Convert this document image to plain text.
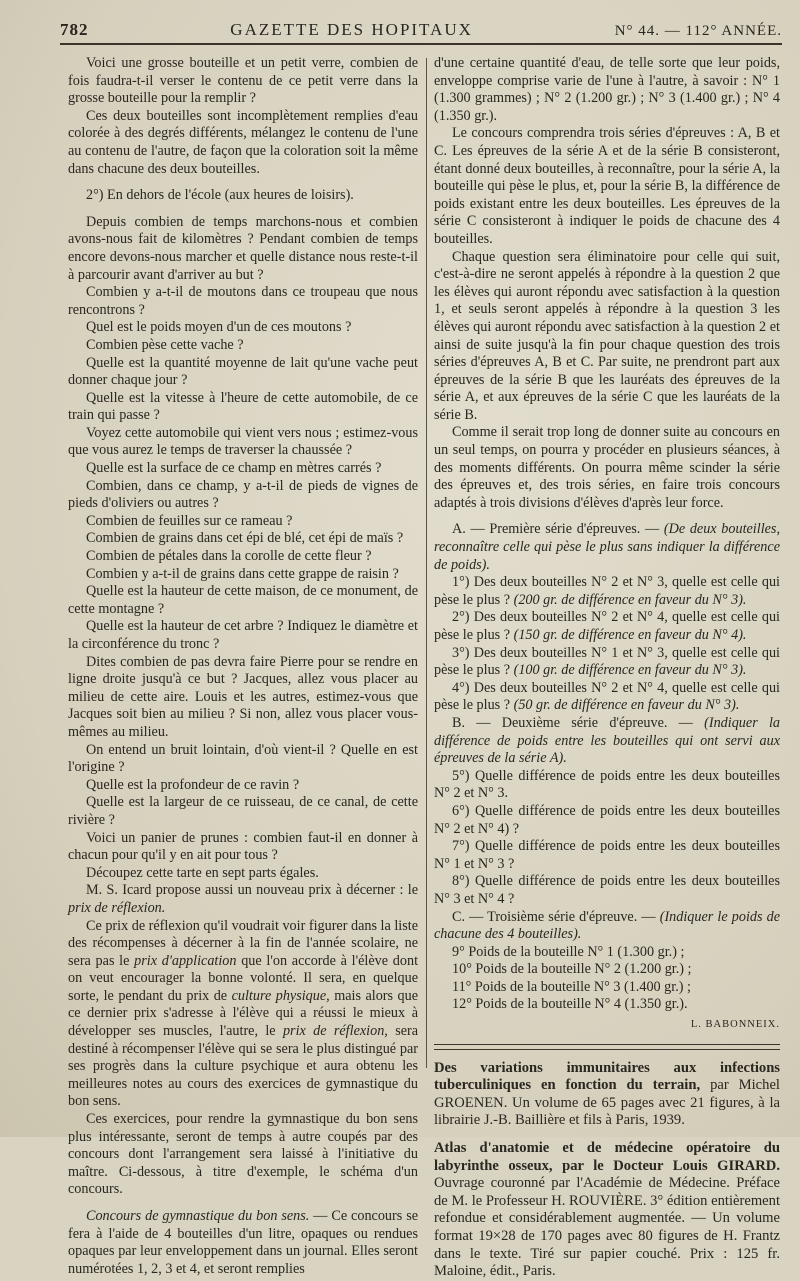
782	GAZETTE DES HOPITAUX	N° 44. — 112° ANNÉE.

Voici une grosse bouteille et un petit verre, combien de fois faudra-t-il verser le contenu de ce petit verre dans la grosse bouteille pour la remplir ?

Ces deux bouteilles sont incomplètement remplies d'eau colorée à des degrés différents, mélangez le contenu de l'une au contenu de l'autre, de façon que la coloration soit la même dans chacune des deux bouteilles.

2°) En dehors de l'école (aux heures de loisirs).

Depuis combien de temps marchons-nous et combien avons-nous fait de kilomètres ? Pendant combien de temps encore devons-nous marcher et quelle distance nous reste-t-il à parcourir avant d'arriver au but ?

Combien y a-t-il de moutons dans ce troupeau que nous rencontrons ?

Quel est le poids moyen d'un de ces moutons ?

Combien pèse cette vache ?

Quelle est la quantité moyenne de lait qu'une vache peut donner chaque jour ?

Quelle est la vitesse à l'heure de cette automobile, de ce train qui passe ?

Voyez cette automobile qui vient vers nous ; estimez-vous que vous aurez le temps de traverser la chaussée ?

Quelle est la surface de ce champ en mètres carrés ?

Combien, dans ce champ, y a-t-il de pieds de vignes de pieds d'oliviers ou autres ?

Combien de feuilles sur ce rameau ?

Combien de grains dans cet épi de blé, cet épi de maïs ?

Combien de pétales dans la corolle de cette fleur ?

Combien y a-t-il de grains dans cette grappe de raisin ?

Quelle est la hauteur de cette maison, de ce monument, de cette montagne ?

Quelle est la hauteur de cet arbre ? Indiquez le diamètre et la circonférence du tronc ?

Dites combien de pas devra faire Pierre pour se rendre en ligne droite jusqu'à ce but ? Jacques, allez vous placer au milieu de cette aire. Louis et les autres, estimez-vous que Jacques soit bien au milieu ? Si non, allez vous placer vous-mêmes au milieu.

On entend un bruit lointain, d'où vient-il ? Quelle en est l'origine ?

Quelle est la profondeur de ce ravin ?

Quelle est la largeur de ce ruisseau, de ce canal, de cette rivière ?

Voici un panier de prunes : combien faut-il en donner à chacun pour qu'il y en ait pour tous ?

Découpez cette tarte en sept parts égales.

M. S. Icard propose aussi un nouveau prix à décerner : le prix de réflexion.

Ce prix de réflexion qu'il voudrait voir figurer dans la liste des récompenses à décerner à la fin de l'année scolaire, ne sera pas le prix d'application que l'on accorde à l'élève dont on veut encourager la bonne volonté. Il sera, en quelque sorte, le pendant du prix de culture physique, mais alors que ce dernier prix s'adresse à l'élève qui a réussi le mieux à développer ses muscles, l'autre, le prix de réflexion, sera destiné à récompenser l'élève qui se sera le plus distingué par ses progrès dans la culture psychique et aura obtenu les meilleures notes au cours des exercices de gymnastique du bon sens.

Ces exercices, pour rendre la gymnastique du bon sens plus intéressante, seront de temps à autre coupés par des concours dont l'arrangement sera laissé à l'initiative du maître. Ci-dessous, à titre d'exemple, le schéma d'un concours.

Concours de gymnastique du bon sens. — Ce concours se fera à l'aide de 4 bouteilles d'un litre, opaques ou rendues opaques par leur enveloppement dans un journal. Elles seront numérotées 1, 2, 3 et 4, et seront remplies

d'une certaine quantité d'eau, de telle sorte que leur poids, enveloppe comprise varie de l'une à l'autre, à savoir : N° 1 (1.300 grammes) ; N° 2 (1.200 gr.) ; N° 3 (1.400 gr.) ; N° 4 (1.350 gr.).

Le concours comprendra trois séries d'épreuves : A, B et C. Les épreuves de la série A et de la série B consisteront, étant donné deux bouteilles, à reconnaître, pour la série A, la bouteille qui pèse le plus, et, pour la série B, la différence de poids existant entre les deux bouteilles. Les épreuves de la série C consisteront à indiquer le poids de chacune des 4 bouteilles.

Chaque question sera éliminatoire pour celle qui suit, c'est-à-dire ne seront appelés à répondre à la question 2 que les élèves qui auront répondu avec satisfaction à la question 1, et seuls seront appelés à répondre à la question 3 les élèves qui auront répondu avec satisfaction à la question 2 et ainsi de suite jusqu'à la fin pour chaque question des trois séries d'épreuves A, B et C. Par suite, ne prendront part aux épreuves de la série B que les lauréats des épreuves de la série A, et aux épreuves de la série C que les lauréats de la série B.

Comme il serait trop long de donner suite au concours en un seul temps, on pourra y procéder en plusieurs séances, à des moments différents. On pourra même scinder la série des épreuves et, des trois séries, en faire trois concours adaptés à trois divisions d'élèves d'après leur force.

A. — Première série d'épreuves. — (De deux bouteilles, reconnaître celle qui pèse le plus sans indiquer la différence de poids).

1°) Des deux bouteilles N° 2 et N° 3, quelle est celle qui pèse le plus ? (200 gr. de différence en faveur du N° 3).

2°) Des deux bouteilles N° 2 et N° 4, quelle est celle qui pèse le plus ? (150 gr. de différence en faveur du N° 4).

3°) Des deux bouteilles N° 1 et N° 3, quelle est celle qui pèse le plus ? (100 gr. de différence en faveur du N° 3).

4°) Des deux bouteilles N° 2 et N° 4, quelle est celle qui pèse le plus ? (50 gr. de différence en faveur du N° 3).

B. — Deuxième série d'épreuve. — (Indiquer la différence de poids entre les bouteilles qui ont servi aux épreuves de la série A).

5°) Quelle différence de poids entre les deux bouteilles N° 2 et N° 3.

6°) Quelle différence de poids entre les deux bouteilles N° 2 et N° 4) ?

7°) Quelle différence de poids entre les deux bouteilles N° 1 et N° 3 ?

8°) Quelle différence de poids entre les deux bouteilles N° 3 et N° 4 ?

C. — Troisième série d'épreuve. — (Indiquer le poids de chacune des 4 bouteilles).

9° Poids de la bouteille N° 1 (1.300 gr.) ;

10° Poids de la bouteille N° 2 (1.200 gr.) ;

11° Poids de la bouteille N° 3 (1.400 gr.) ;

12° Poids de la bouteille N° 4 (1.350 gr.).

L. BABONNEIX.

Des variations immunitaires aux infections tuberculiniques en fonction du terrain, par Michel GROENEN. Un volume de 65 pages avec 21 figures, à la librairie J.-B. Baillière et fils à Paris, 1939.

Atlas d'anatomie et de médecine opératoire du labyrinthe osseux, par le Docteur Louis GIRARD. Ouvrage couronné par l'Académie de Médecine. Préface de M. le Professeur H. ROUVIÈRE. 3° édition entièrement refondue et considérablement augmentée. — Un volume format 19×28 de 170 pages avec 80 figures de H. Frantz dans le texte. Tiré sur papier couché. Prix : 125 fr. Maloine, édit., Paris.
